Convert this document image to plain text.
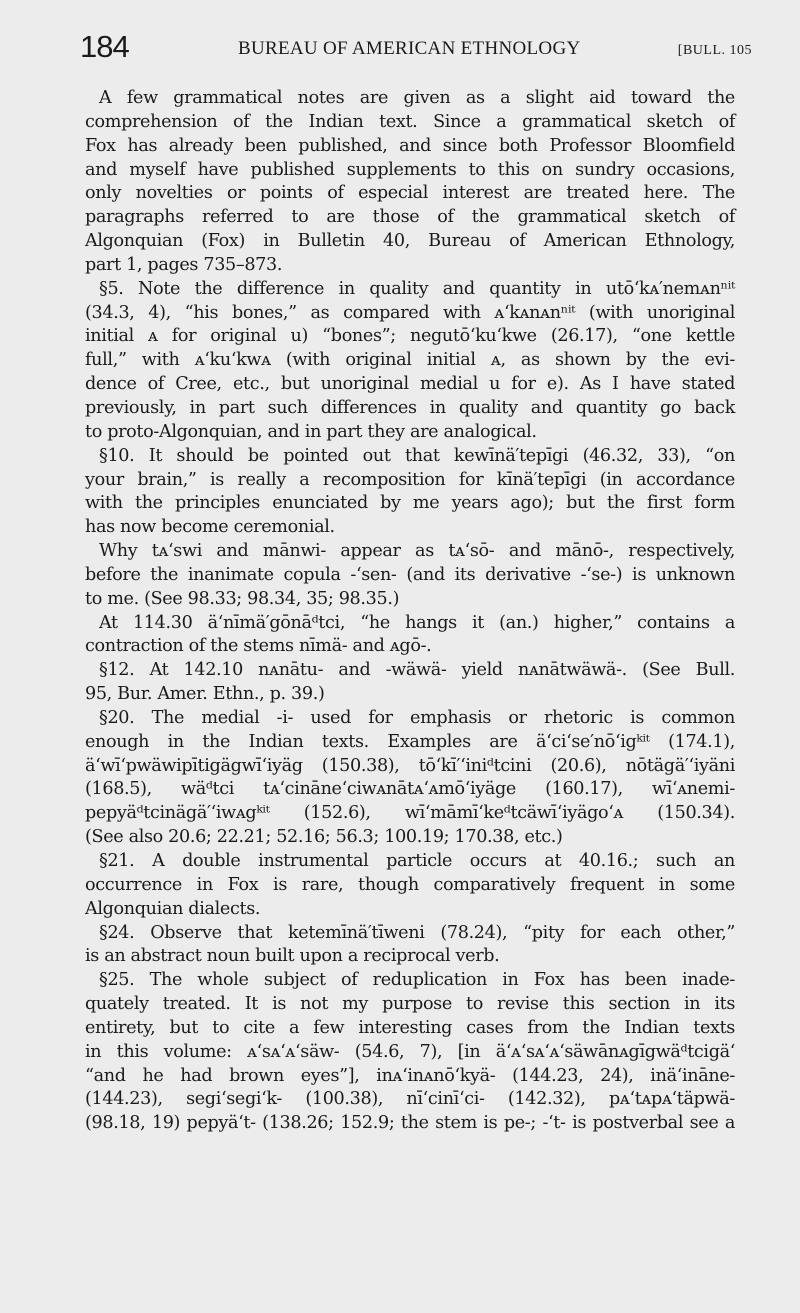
184	BUREAU OF AMERICAN ETHNOLOGY	[BULL. 105
A few grammatical notes are given as a slight aid toward the
comprehension of the Indian text. Since a grammatical sketch of
Fox has already been published, and since both Professor Bloomfield
and myself have published supplements to this on sundry occasions,
only novelties or points of especial interest are treated here. The
paragraphs referred to are those of the grammatical sketch of
Algonquian (Fox) in Bulletin 40, Bureau of American Ethnology,
part 1, pages 735–873.
§5. Note the difference in quality and quantity in utōʻkᴀ′nemᴀnⁿⁱᵗ
(34.3, 4), “his bones,” as compared with ᴀʻkᴀnᴀnⁿⁱᵗ (with unoriginal
initial ᴀ for original u) “bones”; negutōʻkuʻkwe (26.17), “one kettle
full,” with ᴀʻkuʻkwᴀ (with original initial ᴀ, as shown by the evi-
dence of Cree, etc., but unoriginal medial u for e). As I have stated
previously, in part such differences in quality and quantity go back
to proto-Algonquian, and in part they are analogical.
§10. It should be pointed out that kewīnä′tepīgi (46.32, 33), “on
your brain,” is really a recomposition for kīnä′tepīgi (in accordance
with the principles enunciated by me years ago); but the first form
has now become ceremonial.
Why tᴀʻswi and mānwi- appear as tᴀʻsō- and mānō-, respectively,
before the inanimate copula -ʻsen- (and its derivative -ʻse-) is unknown
to me. (See 98.33; 98.34, 35; 98.35.)
At 114.30 äʻnīmä′gōnāᵈtci, “he hangs it (an.) higher,” contains a
contraction of the stems nīmä- and ᴀgō-.
§12. At 142.10 nᴀnātu- and -wäwä- yield nᴀnātwäwä-. (See Bull.
95, Bur. Amer. Ethn., p. 39.)
§20. The medial -i- used for emphasis or rhetoric is common
enough in the Indian texts. Examples are äʻciʻse′nōʻigᵏⁱᵗ (174.1),
äʻwīʻpwäwipītigägwīʻiyäg (150.38), tōʻkī′ʻiniᵈtcini (20.6), nōtägä′ʻiyäni
(168.5), wäᵈtci tᴀʻcināneʻciwᴀnātᴀʻᴀmōʻiyäge (160.17), wīʻᴀnemi-
pepyäᵈtcinägä′ʻiwᴀgᵏⁱᵗ (152.6), wīʻmāmīʻkeᵈtcäwīʻiyägoʻᴀ (150.34).
(See also 20.6; 22.21; 52.16; 56.3; 100.19; 170.38, etc.)
§21. A double instrumental particle occurs at 40.16.; such an
occurrence in Fox is rare, though comparatively frequent in some
Algonquian dialects.
§24. Observe that ketemīnä′tīweni (78.24), “pity for each other,”
is an abstract noun built upon a reciprocal verb.
§25. The whole subject of reduplication in Fox has been inade-
quately treated. It is not my purpose to revise this section in its
entirety, but to cite a few interesting cases from the Indian texts
in this volume: ᴀʻsᴀʻᴀʻsäw- (54.6, 7), [in äʻᴀʻsᴀʻᴀʻsäwānᴀgīgwäᵈtcigäʻ
“and he had brown eyes”], inᴀʻinᴀnōʻkyä- (144.23, 24), inäʻināne-
(144.23), segiʻsegiʻk- (100.38), nīʻcinīʻci- (142.32), pᴀʻtᴀpᴀʻtäpwä-
(98.18, 19) pepyäʻt- (138.26; 152.9; the stem is pe-; -ʻt- is postverbal see a
